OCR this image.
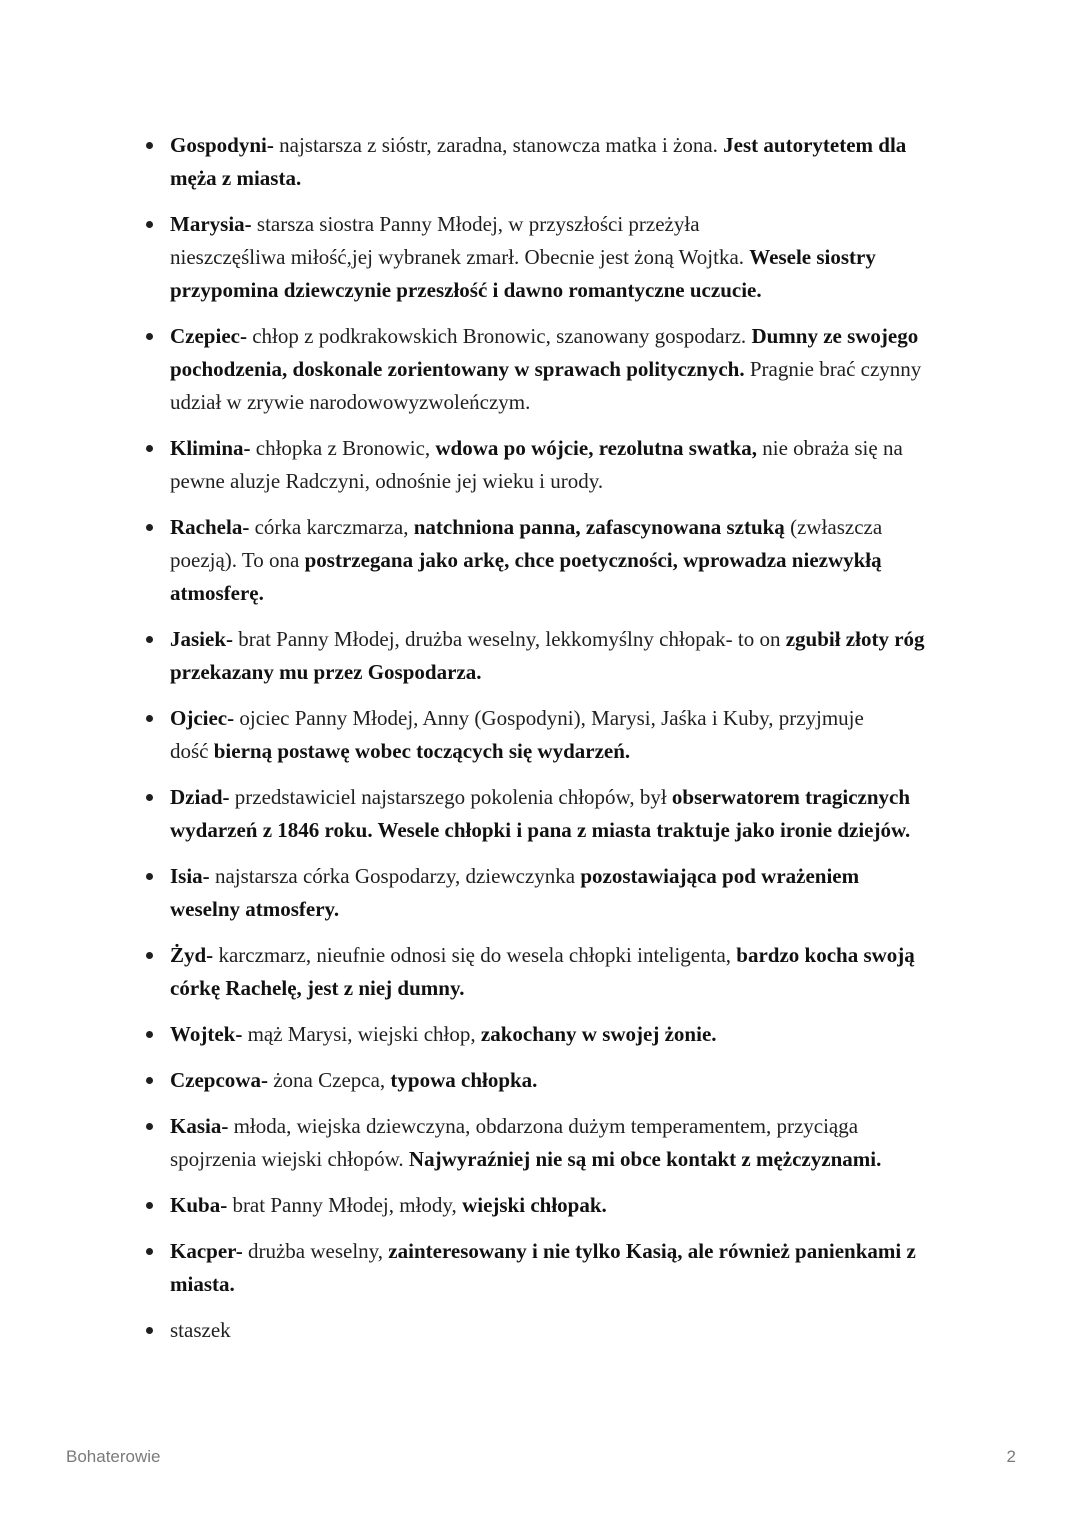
Gospodyni- najstarsza z sióstr, zaradna, stanowcza matka i żona. Jest autorytetem dla
męża z miasta.
Marysia- starsza siostra Panny Młodej, w przyszłości przeżyła
nieszczęśliwa miłość,jej wybranek zmarł. Obecnie jest żoną Wojtka. Wesele siostry
przypomina dziewczynie przeszłość i dawno romantyczne uczucie.
Czepiec- chłop z podkrakowskich Bronowic, szanowany gospodarz. Dumny ze swojego
pochodzenia, doskonale zorientowany w sprawach politycznych. Pragnie brać czynny
udział w zrywie narodowowyzwoleńczym.
Klimina- chłopka z Bronowic, wdowa po wójcie, rezolutna swatka, nie obraża się na
pewne aluzje Radczyni, odnośnie jej wieku i urody.
Rachela- córka karczmarza, natchniona panna, zafascynowana sztuką (zwłaszcza
poezją). To ona postrzegana jako arkę, chce poetyczności, wprowadza niezwykłą
atmosferę.
Jasiek- brat Panny Młodej, drużba weselny, lekkomyślny chłopak- to on zgubił złoty róg
przekazany mu przez Gospodarza.
Ojciec- ojciec Panny Młodej, Anny (Gospodyni), Marysi, Jaśka i Kuby, przyjmuje
dość bierną postawę wobec toczących się wydarzeń.
Dziad- przedstawiciel najstarszego pokolenia chłopów, był obserwatorem tragicznych
wydarzeń z 1846 roku. Wesele chłopki i pana z miasta traktuje jako ironie dziejów.
Isia- najstarsza córka Gospodarzy, dziewczynka pozostawiająca pod wrażeniem
weselny atmosfery.
Żyd- karczmarz, nieufnie odnosi się do wesela chłopki inteligenta, bardzo kocha swoją
córkę Rachelę, jest z niej dumny.
Wojtek- mąż Marysi, wiejski chłop, zakochany w swojej żonie.
Czepcowa- żona Czepca, typowa chłopka.
Kasia- młoda, wiejska dziewczyna, obdarzona dużym temperamentem, przyciąga
spojrzenia wiejski chłopów. Najwyraźniej nie są mi obce kontakt z mężczyznami.
Kuba- brat Panny Młodej, młody, wiejski chłopak.
Kacper- drużba weselny, zainteresowany i nie tylko Kasią, ale również panienkami z
miasta.
staszek
Bohaterowie	2
